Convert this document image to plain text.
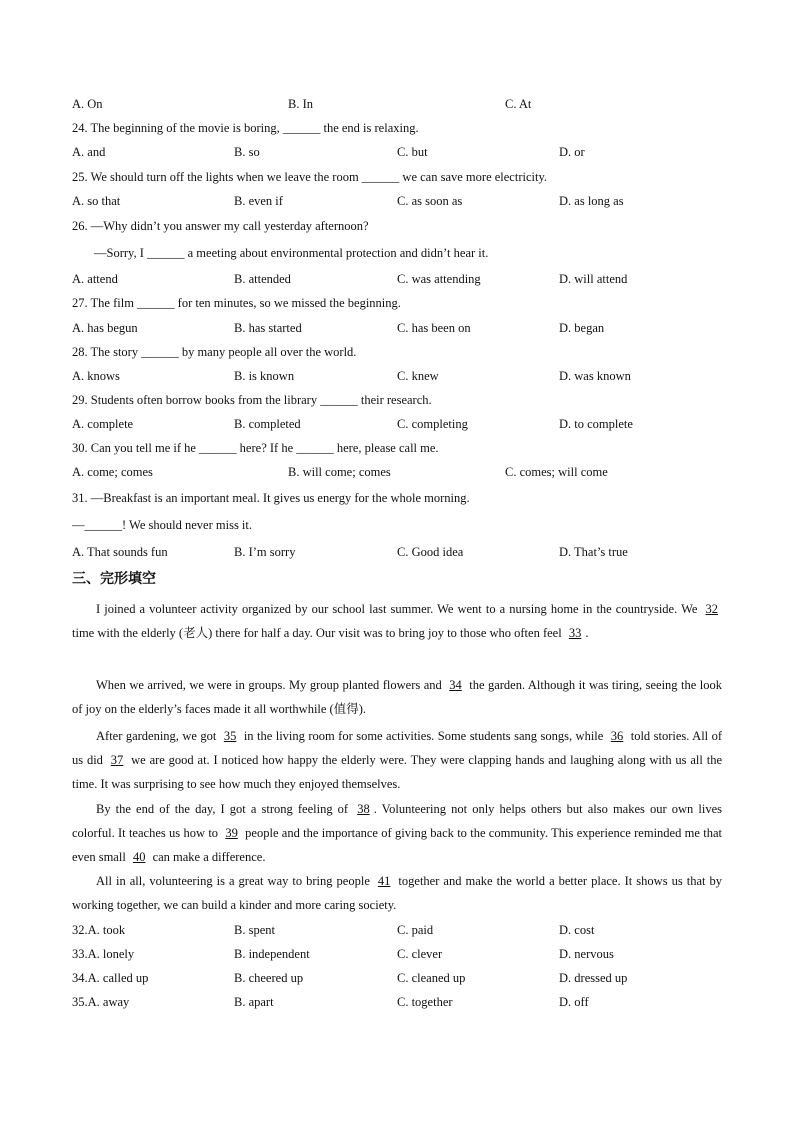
A. On	B. In	C. At
24. The beginning of the movie is boring, ______ the end is relaxing.
A. and	B. so	C. but	D. or
25. We should turn off the lights when we leave the room ______ we can save more electricity.
A. so that	B. even if	C. as soon as	D. as long as
26. —Why didn’t you answer my call yesterday afternoon?
—Sorry, I ______ a meeting about environmental protection and didn’t hear it.
A. attend	B. attended	C. was attending	D. will attend
27. The film ______ for ten minutes, so we missed the beginning.
A. has begun	B. has started	C. has been on	D. began
28. The story ______ by many people all over the world.
A. knows	B. is known	C. knew	D. was known
29. Students often borrow books from the library ______ their research.
A. complete	B. completed	C. completing	D. to complete
30. Can you tell me if he ______ here? If he ______ here, please call me.
A. come; comes	B. will come; comes	C. comes; will come
31. —Breakfast is an important meal. It gives us energy for the whole morning.
—______! We should never miss it.
A. That sounds fun	B. I’m sorry	C. Good idea	D. That’s true
三、完形填空
I joined a volunteer activity organized by our school last summer. We went to a nursing home in the countryside. We 32 time with the elderly (老人) there for half a day. Our visit was to bring joy to those who often feel 33 .
When we arrived, we were in groups. My group planted flowers and 34 the garden. Although it was tiring, seeing the look of joy on the elderly’s faces made it all worthwhile (值得).
After gardening, we got 35 in the living room for some activities. Some students sang songs, while 36 told stories. All of us did 37 we are good at. I noticed how happy the elderly were. They were clapping hands and laughing along with us all the time. It was surprising to see how much they enjoyed themselves.
By the end of the day, I got a strong feeling of 38 . Volunteering not only helps others but also makes our own lives colorful. It teaches us how to 39 people and the importance of giving back to the community. This experience reminded me that even small 40 can make a difference.
All in all, volunteering is a great way to bring people 41 together and make the world a better place. It shows us that by working together, we can build a kinder and more caring society.
32.A. took	B. spent	C. paid	D. cost
33.A. lonely	B. independent	C. clever	D. nervous
34.A. called up	B. cheered up	C. cleaned up	D. dressed up
35.A. away	B. apart	C. together	D. off
